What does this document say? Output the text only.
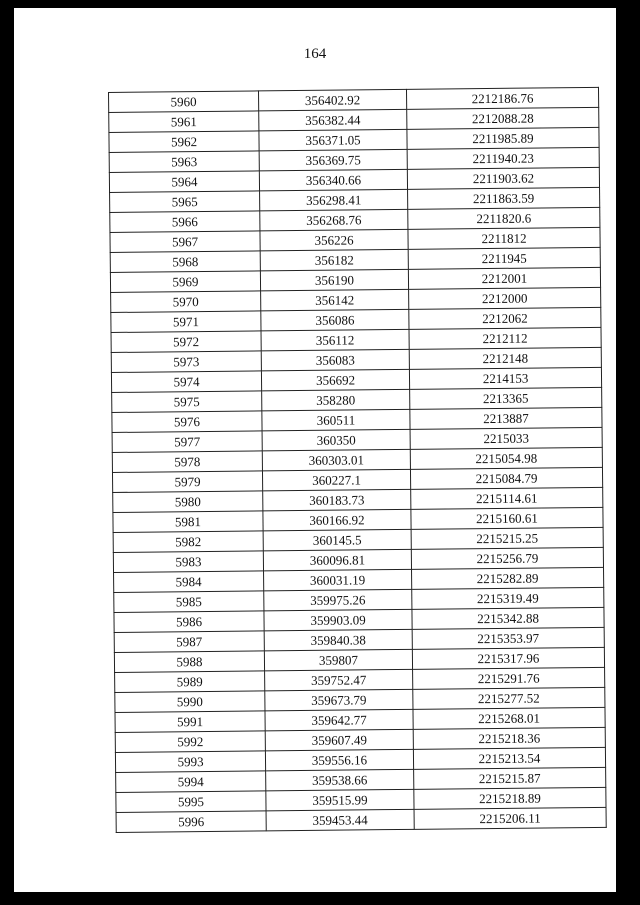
164
5960	356402.92	2212186.76
5961	356382.44	2212088.28
5962	356371.05	2211985.89
5963	356369.75	2211940.23
5964	356340.66	2211903.62
5965	356298.41	2211863.59
5966	356268.76	2211820.6
5967	356226	2211812
5968	356182	2211945
5969	356190	2212001
5970	356142	2212000
5971	356086	2212062
5972	356112	2212112
5973	356083	2212148
5974	356692	2214153
5975	358280	2213365
5976	360511	2213887
5977	360350	2215033
5978	360303.01	2215054.98
5979	360227.1	2215084.79
5980	360183.73	2215114.61
5981	360166.92	2215160.61
5982	360145.5	2215215.25
5983	360096.81	2215256.79
5984	360031.19	2215282.89
5985	359975.26	2215319.49
5986	359903.09	2215342.88
5987	359840.38	2215353.97
5988	359807	2215317.96
5989	359752.47	2215291.76
5990	359673.79	2215277.52
5991	359642.77	2215268.01
5992	359607.49	2215218.36
5993	359556.16	2215213.54
5994	359538.66	2215215.87
5995	359515.99	2215218.89
5996	359453.44	2215206.11
